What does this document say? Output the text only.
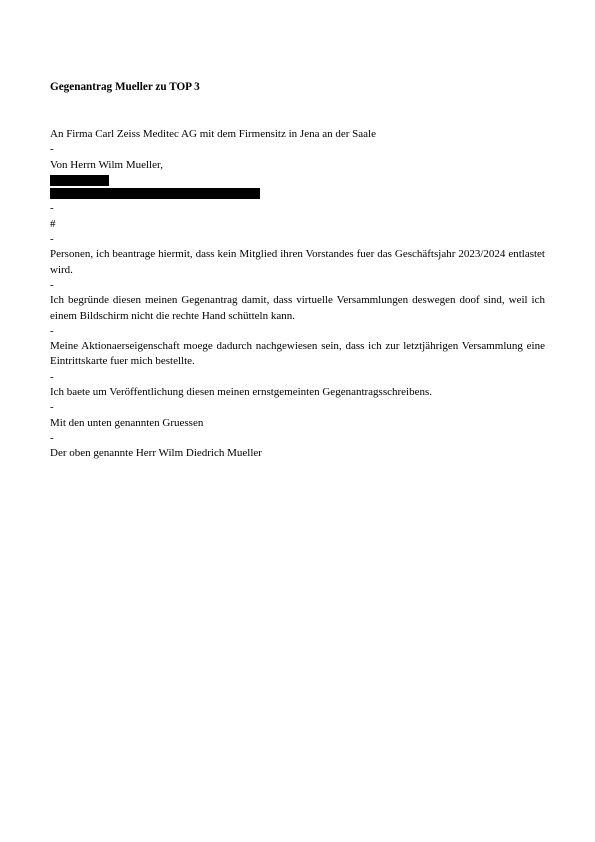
Gegenantrag Mueller zu TOP 3
An Firma Carl Zeiss Meditec AG mit dem Firmensitz in Jena an der Saale
-
Von Herrn Wilm Mueller,
-
#
-
Personen, ich beantrage hiermit, dass kein Mitglied ihren Vorstandes fuer das Geschäftsjahr 2023/2024 entlastet wird.
-
Ich begründe diesen meinen Gegenantrag damit, dass virtuelle Versammlungen deswegen doof sind, weil ich einem Bildschirm nicht die rechte Hand schütteln kann.
-
Meine Aktionaerseigenschaft moege dadurch nachgewiesen sein, dass ich zur letztjährigen Versammlung eine Eintrittskarte fuer mich bestellte.
-
Ich baete um Veröffentlichung diesen meinen ernstgemeinten Gegenantragsschreibens.
-
Mit den unten genannten Gruessen
-
Der oben genannte Herr Wilm Diedrich Mueller
